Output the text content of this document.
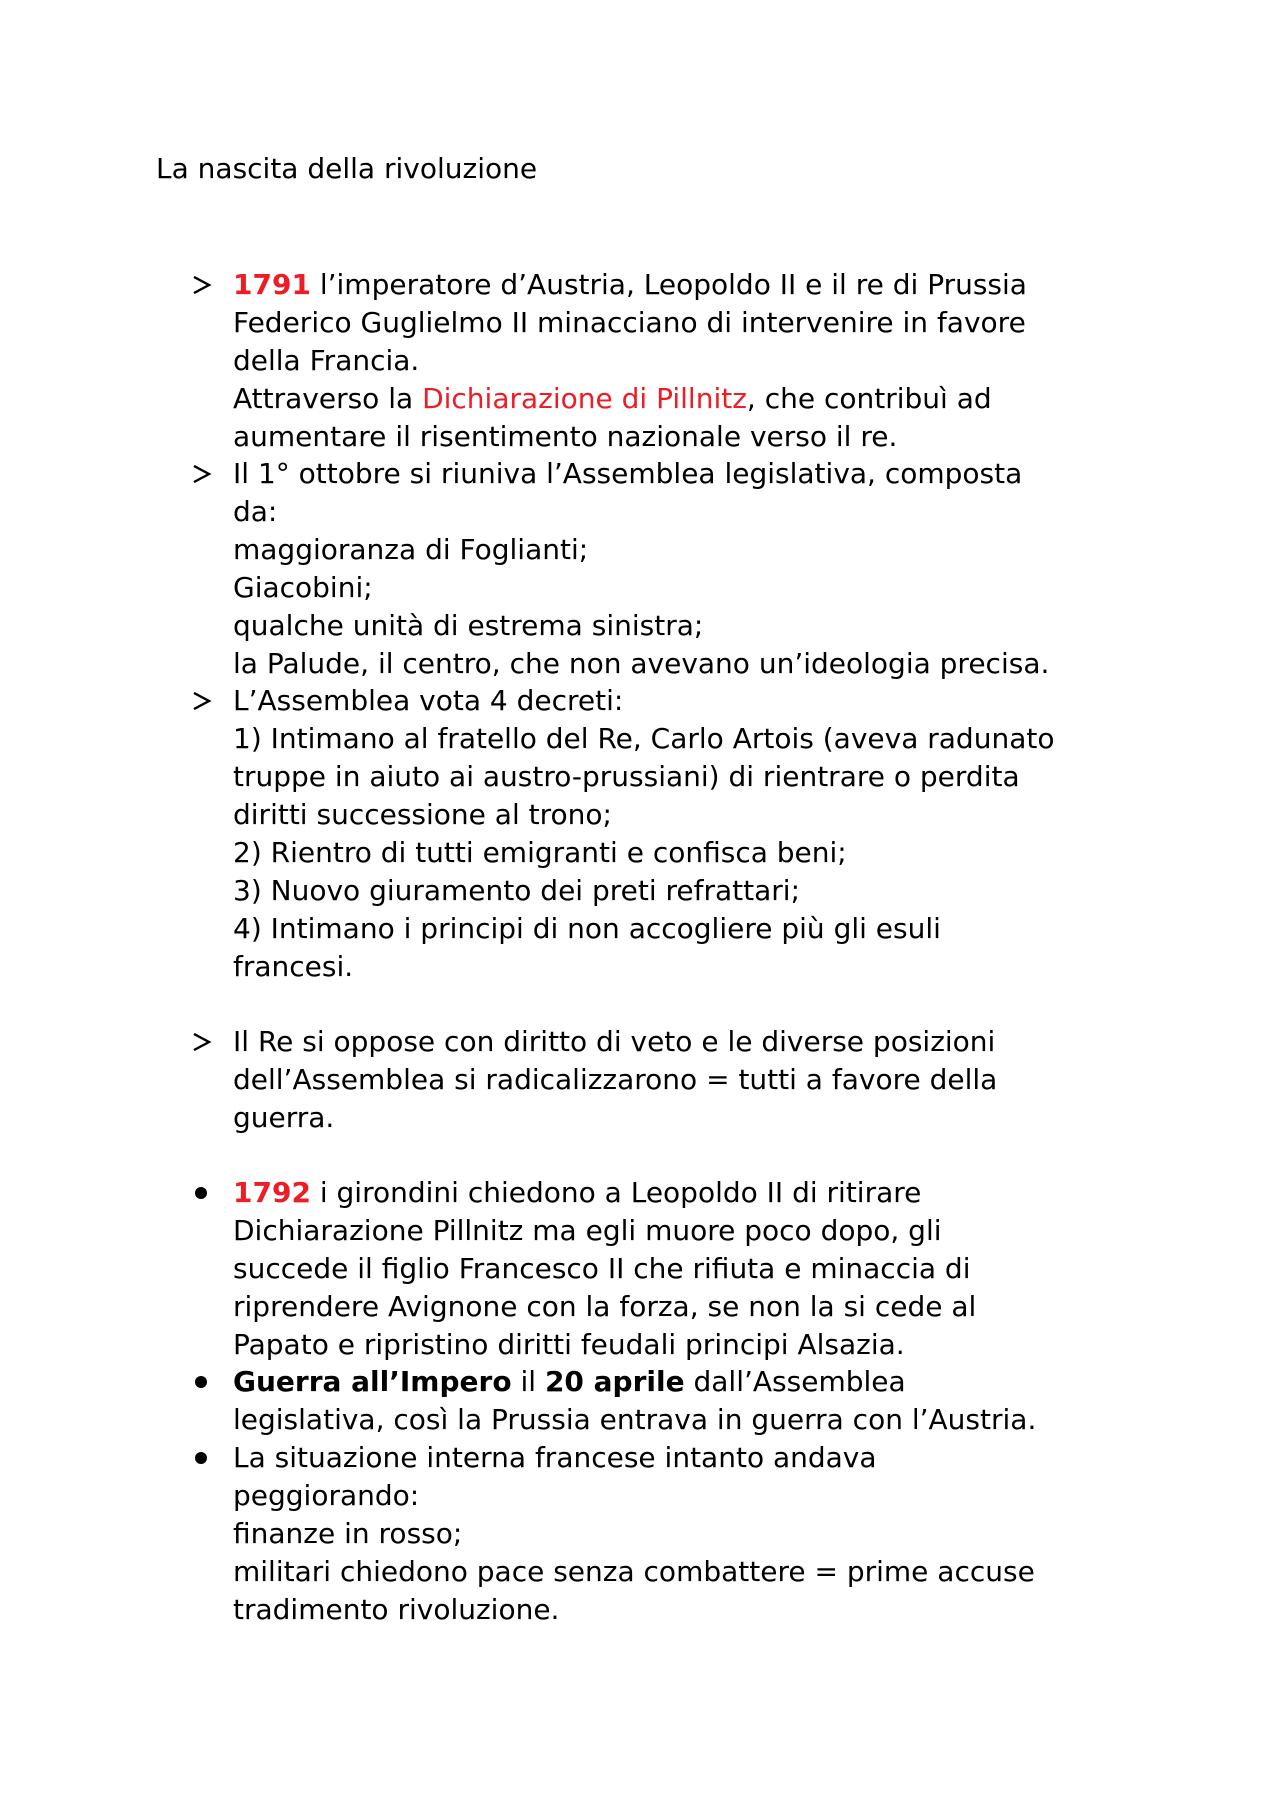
La nascita della rivoluzione
1791 l’imperatore d’Austria, Leopoldo II e il re di Prussia
Federico Guglielmo II minacciano di intervenire in favore
della Francia.
Attraverso la Dichiarazione di Pillnitz, che contribuì ad
aumentare il risentimento nazionale verso il re.
Il 1° ottobre si riuniva l’Assemblea legislativa, composta
da:
maggioranza di Foglianti;
Giacobini;
qualche unità di estrema sinistra;
la Palude, il centro, che non avevano un’ideologia precisa.
L’Assemblea vota 4 decreti:
1) Intimano al fratello del Re, Carlo Artois (aveva radunato
truppe in aiuto ai austro-prussiani) di rientrare o perdita
diritti successione al trono;
2) Rientro di tutti emigranti e confisca beni;
3) Nuovo giuramento dei preti refrattari;
4) Intimano i principi di non accogliere più gli esuli
francesi.
Il Re si oppose con diritto di veto e le diverse posizioni
dell’Assemblea si radicalizzarono = tutti a favore della
guerra.
1792 i girondini chiedono a Leopoldo II di ritirare
Dichiarazione Pillnitz ma egli muore poco dopo, gli
succede il figlio Francesco II che rifiuta e minaccia di
riprendere Avignone con la forza, se non la si cede al
Papato e ripristino diritti feudali principi Alsazia.
Guerra all’Impero il 20 aprile dall’Assemblea
legislativa, così la Prussia entrava in guerra con l’Austria.
La situazione interna francese intanto andava
peggiorando:
finanze in rosso;
militari chiedono pace senza combattere = prime accuse
tradimento rivoluzione.
